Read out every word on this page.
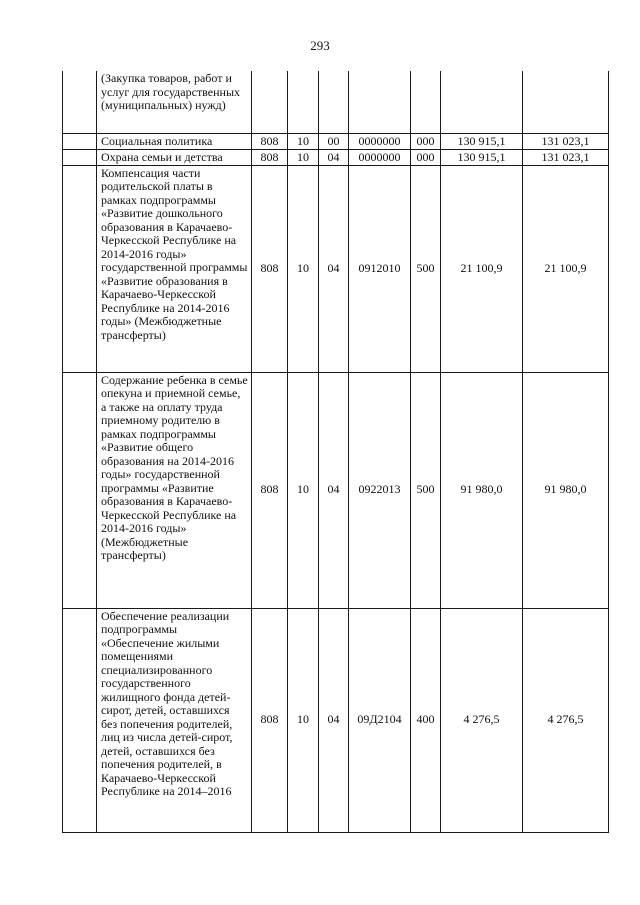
293
	(Закупка товаров, работ и услуг для государственных (муниципальных) нужд)							
	Социальная политика	808	10	00	0000000	000	130 915,1	131 023,1
	Охрана семьи и детства	808	10	04	0000000	000	130 915,1	131 023,1
	Компенсация части родительской платы в рамках подпрограммы «Развитие дошкольного образования в Карачаево-Черкесской Республике на 2014-2016 годы» государственной программы «Развитие образования в Карачаево-Черкесской Республике на 2014-2016 годы» (Межбюджетные трансферты)	808	10	04	0912010	500	21 100,9	21 100,9
	Содержание ребенка в семье опекуна и приемной семье, а также на оплату труда приемному родителю в рамках подпрограммы «Развитие общего образования на 2014-2016 годы» государственной программы «Развитие образования в Карачаево-Черкесской Республике на 2014-2016 годы» (Межбюджетные трансферты)	808	10	04	0922013	500	91 980,0	91 980,0
	Обеспечение реализации подпрограммы «Обеспечение жилыми помещениями специализированного государственного жилищного фонда детей-сирот, детей, оставшихся без попечения родителей, лиц из числа детей-сирот, детей, оставшихся без попечения родителей, в Карачаево-Черкесской Республике на 2014–2016	808	10	04	09Д2104	400	4 276,5	4 276,5
